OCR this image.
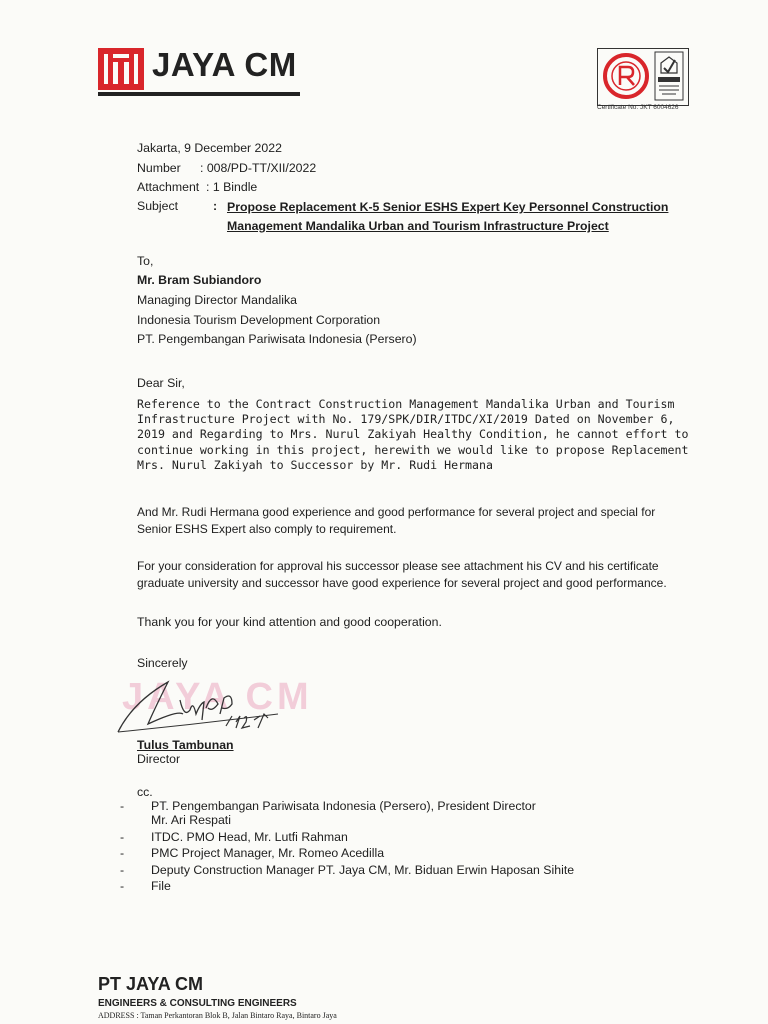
JAYA CM
Certificate No. JKT 6004626
Jakarta, 9 December 2022
Number : 008/PD-TT/XII/2022
Attachment : 1 Bindle
Subject	: Propose Replacement K-5 Senior ESHS Expert Key Personnel Construction
Management Mandalika Urban and Tourism Infrastructure Project
To,
Mr. Bram Subiandoro
Managing Director Mandalika
Indonesia Tourism Development Corporation
PT. Pengembangan Pariwisata Indonesia (Persero)
Dear Sir,
Reference to the Contract Construction Management Mandalika Urban and Tourism
Infrastructure Project with No. 179/SPK/DIR/ITDC/XI/2019 Dated on November 6,
2019 and Regarding to Mrs. Nurul Zakiyah Healthy Condition, he cannot effort to
continue working in this project, herewith we would like to propose Replacement
Mrs. Nurul Zakiyah to Successor by Mr. Rudi Hermana
And Mr. Rudi Hermana good experience and good performance for several project and special for
Senior ESHS Expert also comply to requirement.
For your consideration for approval his successor please see attachment his CV and his certificate
graduate university and successor have good experience for several project and good performance.
Thank you for your kind attention and good cooperation.
Sincerely
JAYA CM
Tulus Tambunan
Director
cc.
- PT. Pengembangan Pariwisata Indonesia (Persero), President Director
Mr. Ari Respati
- ITDC. PMO Head, Mr. Lutfi Rahman
- PMC Project Manager, Mr. Romeo Acedilla
- Deputy Construction Manager PT. Jaya CM, Mr. Biduan Erwin Haposan Sihite
- File
PT JAYA CM
ENGINEERS & CONSULTING ENGINEERS
ADDRESS : Taman Perkantoran Blok B, Jalan Bintaro Raya, Bintaro Jaya
